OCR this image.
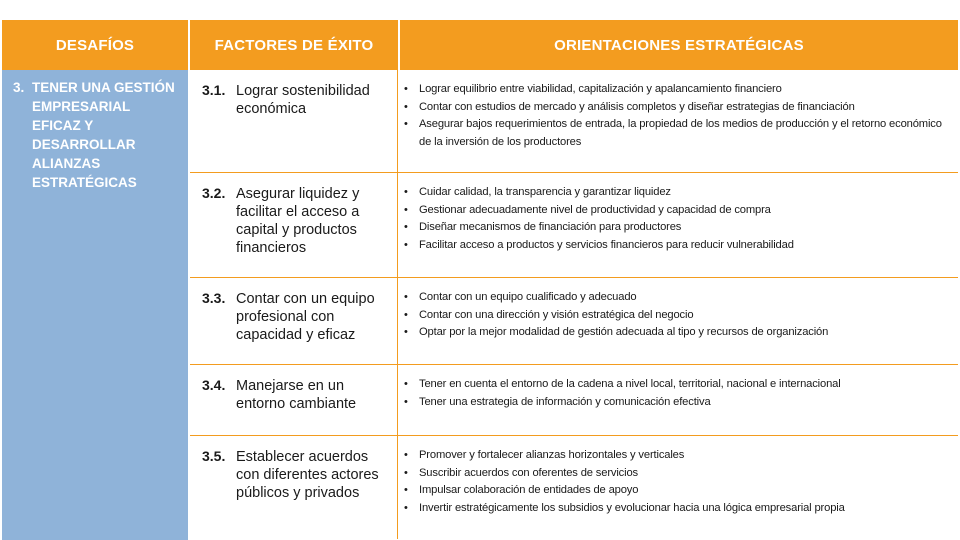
DESAFÍOS	FACTORES DE ÉXITO	ORIENTACIONES ESTRATÉGICAS
3. TENER UNA GESTIÓN EMPRESARIAL EFICAZ Y DESARROLLAR ALIANZAS ESTRATÉGICAS
3.1. Lograr sostenibilidad económica
• Lograr equilibrio entre viabilidad, capitalización y apalancamiento financiero
• Contar con estudios de mercado y análisis completos y diseñar estrategias de financiación
• Asegurar bajos requerimientos de entrada, la propiedad de los medios de producción y el retorno económico de la inversión de los productores
3.2. Asegurar liquidez y facilitar el acceso a capital y productos financieros
• Cuidar calidad, la transparencia y garantizar liquidez
• Gestionar adecuadamente nivel de productividad y capacidad de compra
• Diseñar mecanismos de financiación para productores
• Facilitar acceso a productos y servicios financieros para reducir vulnerabilidad
3.3. Contar con un equipo profesional con capacidad y eficaz
• Contar con un equipo cualificado y adecuado
• Contar con una dirección y visión estratégica del negocio
• Optar por la mejor modalidad de gestión adecuada al tipo y recursos de organización
3.4. Manejarse en un entorno cambiante
• Tener en cuenta el entorno de la cadena a nivel local, territorial, nacional e internacional
• Tener una estrategia de información y comunicación efectiva
3.5. Establecer acuerdos con diferentes actores públicos y privados
• Promover y fortalecer alianzas horizontales y verticales
• Suscribir acuerdos con oferentes de servicios
• Impulsar colaboración de entidades de apoyo
• Invertir estratégicamente los subsidios y evolucionar hacia una lógica empresarial propia
